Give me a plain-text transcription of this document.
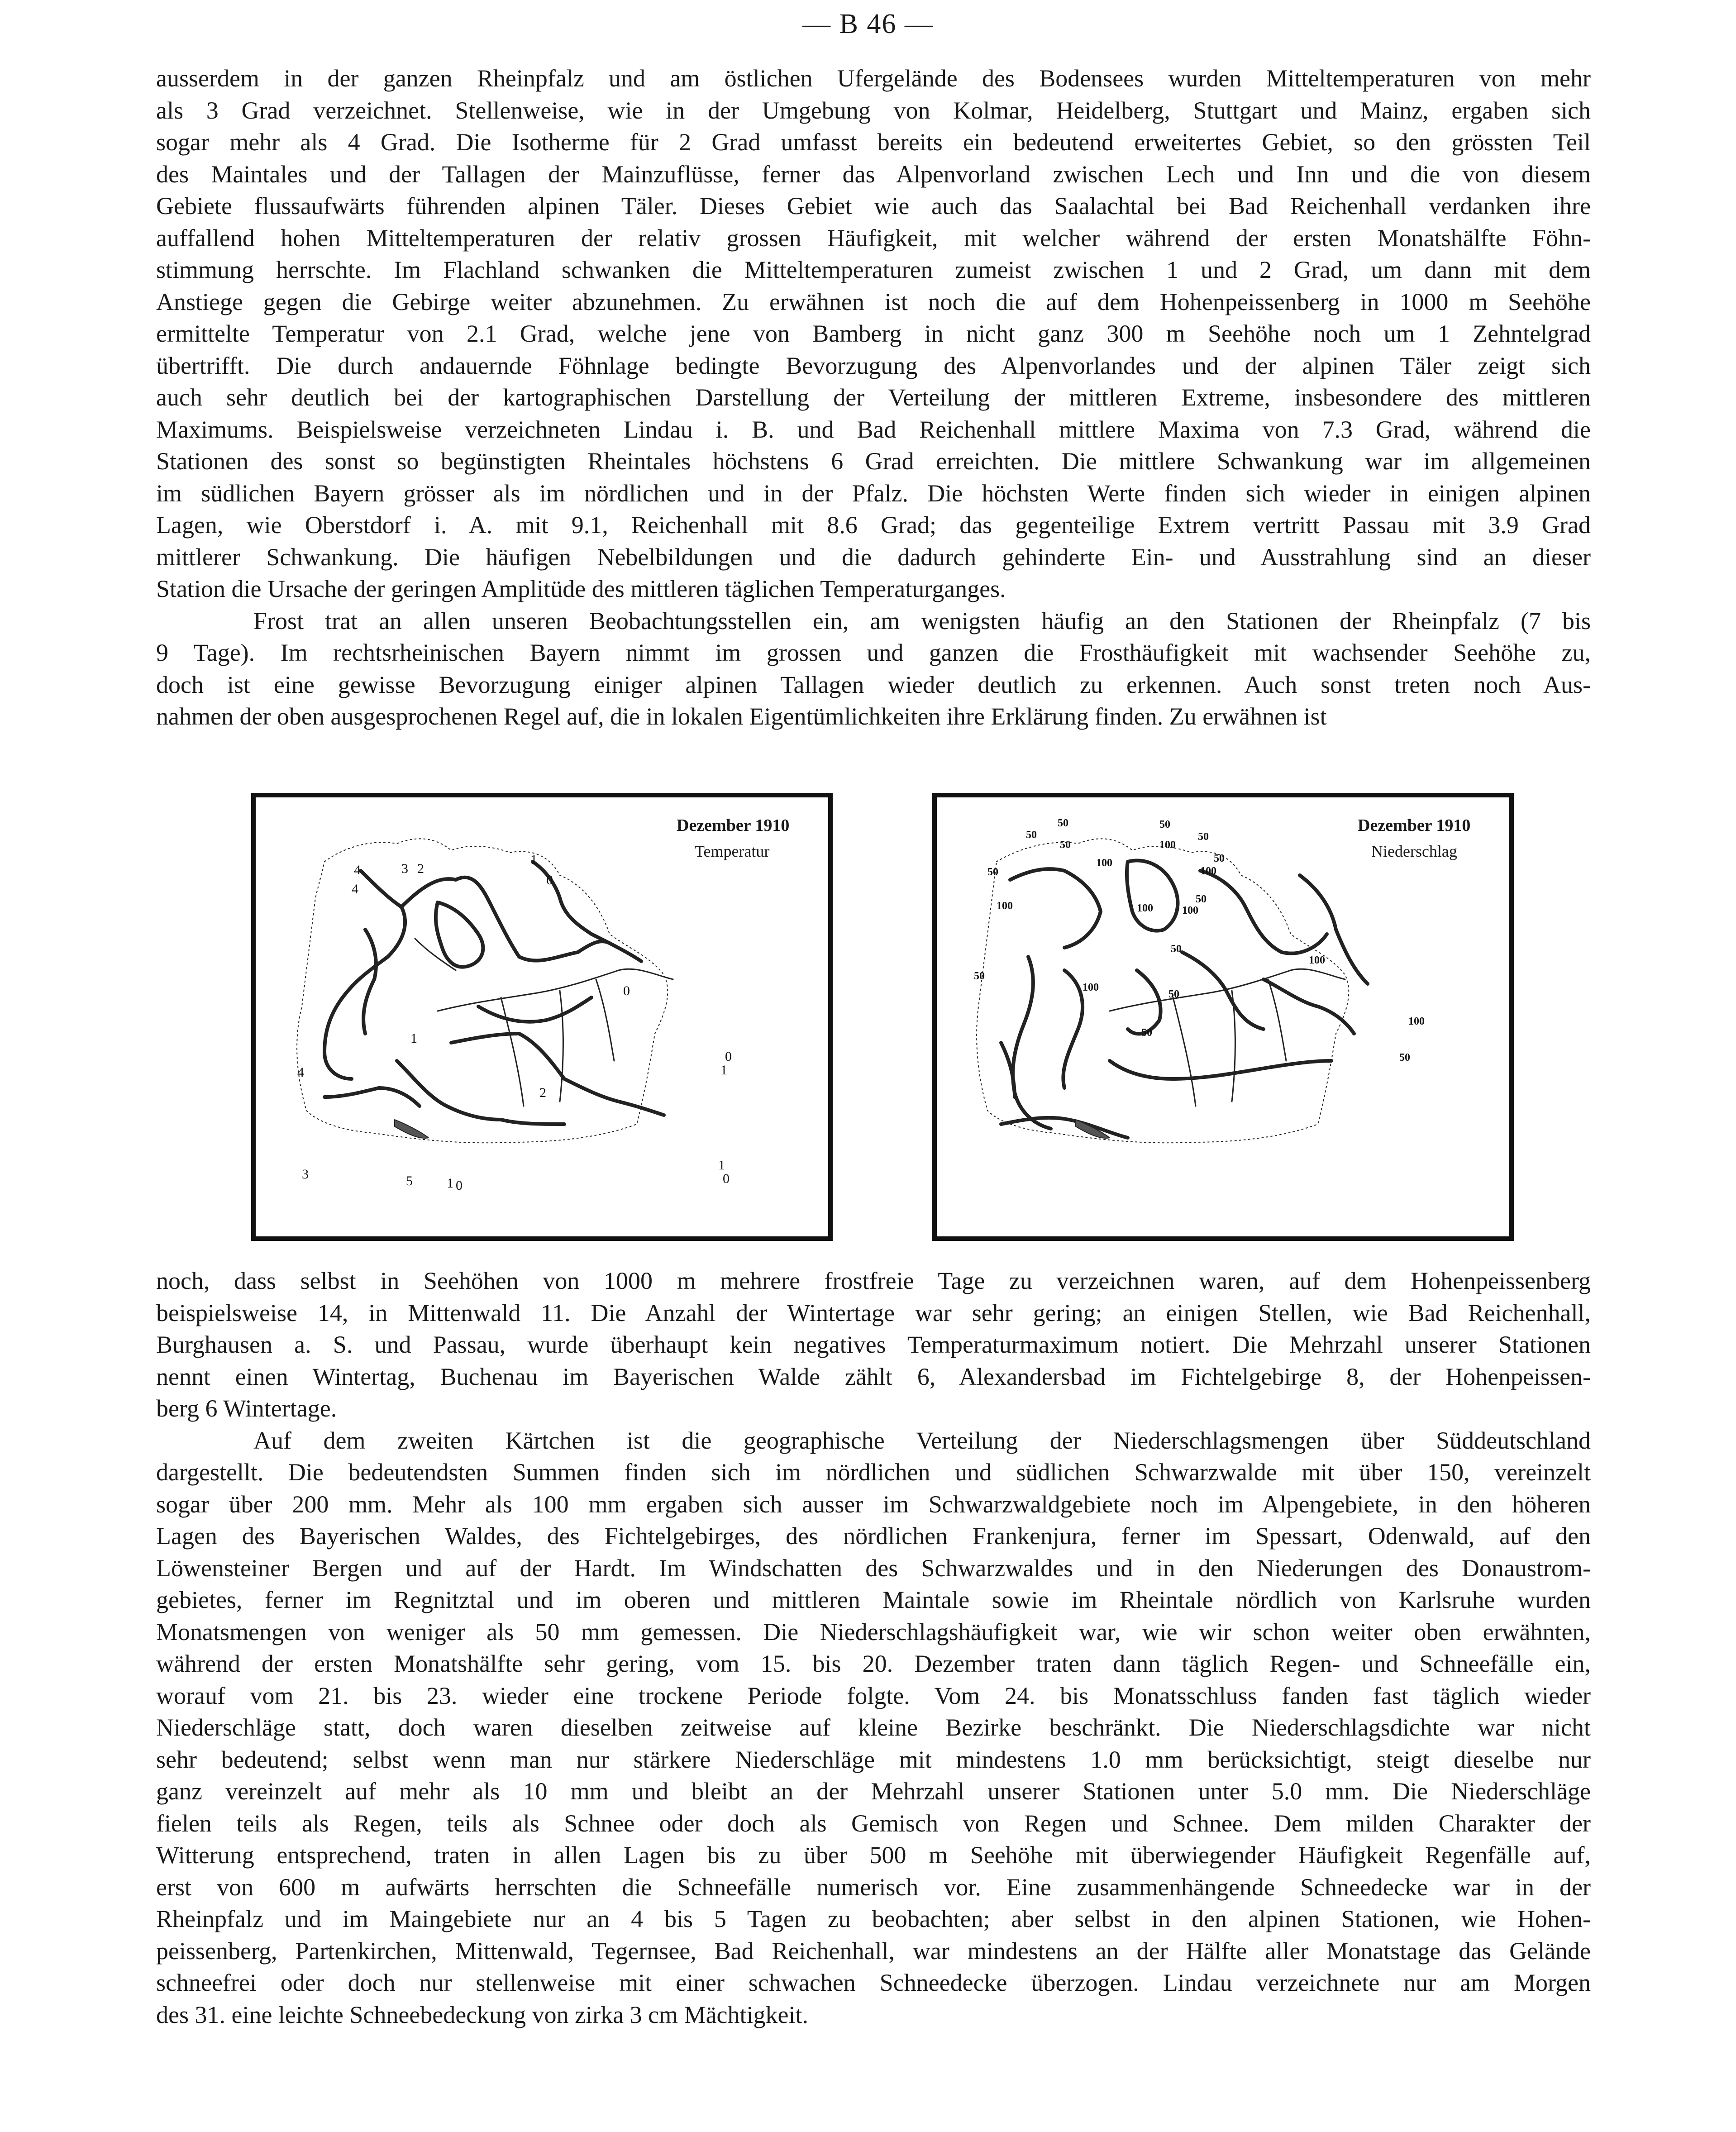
— B 46 —

ausserdem in der ganzen Rheinpfalz und am östlichen Ufergelände des Bodensees wurden Mitteltemperaturen von mehr

als 3 Grad verzeichnet. Stellenweise, wie in der Umgebung von Kolmar, Heidelberg, Stuttgart und Mainz, ergaben sich

sogar mehr als 4 Grad. Die Isotherme für 2 Grad umfasst bereits ein bedeutend erweitertes Gebiet, so den grössten Teil

des Maintales und der Tallagen der Mainzuflüsse, ferner das Alpenvorland zwischen Lech und Inn und die von diesem

Gebiete flussaufwärts führenden alpinen Täler. Dieses Gebiet wie auch das Saalachtal bei Bad Reichenhall verdanken ihre

auffallend hohen Mitteltemperaturen der relativ grossen Häufigkeit, mit welcher während der ersten Monatshälfte Föhn-

stimmung herrschte. Im Flachland schwanken die Mitteltemperaturen zumeist zwischen 1 und 2 Grad, um dann mit dem

Anstiege gegen die Gebirge weiter abzunehmen. Zu erwähnen ist noch die auf dem Hohenpeissenberg in 1000 m Seehöhe

ermittelte Temperatur von 2.1 Grad, welche jene von Bamberg in nicht ganz 300 m Seehöhe noch um 1 Zehntelgrad

übertrifft. Die durch andauernde Föhnlage bedingte Bevorzugung des Alpenvorlandes und der alpinen Täler zeigt sich

auch sehr deutlich bei der kartographischen Darstellung der Verteilung der mittleren Extreme, insbesondere des mittleren

Maximums. Beispielsweise verzeichneten Lindau i. B. und Bad Reichenhall mittlere Maxima von 7.3 Grad, während die

Stationen des sonst so begünstigten Rheintales höchstens 6 Grad erreichten. Die mittlere Schwankung war im allgemeinen

im südlichen Bayern grösser als im nördlichen und in der Pfalz. Die höchsten Werte finden sich wieder in einigen alpinen

Lagen, wie Oberstdorf i. A. mit 9.1, Reichenhall mit 8.6 Grad; das gegenteilige Extrem vertritt Passau mit 3.9 Grad

mittlerer Schwankung. Die häufigen Nebelbildungen und die dadurch gehinderte Ein- und Ausstrahlung sind an dieser

Station die Ursache der geringen Amplitüde des mittleren täglichen Temperaturganges.

Frost trat an allen unseren Beobachtungsstellen ein, am wenigsten häufig an den Stationen der Rheinpfalz (7 bis

9 Tage). Im rechtsrheinischen Bayern nimmt im grossen und ganzen die Frosthäufigkeit mit wachsender Seehöhe zu,

doch ist eine gewisse Bevorzugung einiger alpinen Tallagen wieder deutlich zu erkennen. Auch sonst treten noch Aus-

nahmen der oben ausgesprochenen Regel auf, die in lokalen Eigentümlichkeiten ihre Erklärung finden. Zu erwähnen ist

4	3 2
1
0
4
4
1
2
0
0
1
1
0
3	5	1 0
Dezember 1910
Temperatur
50
50
50
50
50
100
100
50
100
100
50
100
50
100
50
50
50
50
100
50
100
100
Dezember 1910
Niederschlag

noch, dass selbst in Seehöhen von 1000 m mehrere frostfreie Tage zu verzeichnen waren, auf dem Hohenpeissenberg

beispielsweise 14, in Mittenwald 11. Die Anzahl der Wintertage war sehr gering; an einigen Stellen, wie Bad Reichenhall,

Burghausen a. S. und Passau, wurde überhaupt kein negatives Temperaturmaximum notiert. Die Mehrzahl unserer Stationen

nennt einen Wintertag, Buchenau im Bayerischen Walde zählt 6, Alexandersbad im Fichtelgebirge 8, der Hohenpeissen-

berg 6 Wintertage.

Auf dem zweiten Kärtchen ist die geographische Verteilung der Niederschlagsmengen über Süddeutschland

dargestellt. Die bedeutendsten Summen finden sich im nördlichen und südlichen Schwarzwalde mit über 150, vereinzelt

sogar über 200 mm. Mehr als 100 mm ergaben sich ausser im Schwarzwaldgebiete noch im Alpengebiete, in den höheren

Lagen des Bayerischen Waldes, des Fichtelgebirges, des nördlichen Frankenjura, ferner im Spessart, Odenwald, auf den

Löwensteiner Bergen und auf der Hardt. Im Windschatten des Schwarzwaldes und in den Niederungen des Donaustrom-

gebietes, ferner im Regnitztal und im oberen und mittleren Maintale sowie im Rheintale nördlich von Karlsruhe wurden

Monatsmengen von weniger als 50 mm gemessen. Die Niederschlagshäufigkeit war, wie wir schon weiter oben erwähnten,

während der ersten Monatshälfte sehr gering, vom 15. bis 20. Dezember traten dann täglich Regen- und Schneefälle ein,

worauf vom 21. bis 23. wieder eine trockene Periode folgte. Vom 24. bis Monatsschluss fanden fast täglich wieder

Niederschläge statt, doch waren dieselben zeitweise auf kleine Bezirke beschränkt. Die Niederschlagsdichte war nicht

sehr bedeutend; selbst wenn man nur stärkere Niederschläge mit mindestens 1.0 mm berücksichtigt, steigt dieselbe nur

ganz vereinzelt auf mehr als 10 mm und bleibt an der Mehrzahl unserer Stationen unter 5.0 mm. Die Niederschläge

fielen teils als Regen, teils als Schnee oder doch als Gemisch von Regen und Schnee. Dem milden Charakter der

Witterung entsprechend, traten in allen Lagen bis zu über 500 m Seehöhe mit überwiegender Häufigkeit Regenfälle auf,

erst von 600 m aufwärts herrschten die Schneefälle numerisch vor. Eine zusammenhängende Schneedecke war in der

Rheinpfalz und im Maingebiete nur an 4 bis 5 Tagen zu beobachten; aber selbst in den alpinen Stationen, wie Hohen-

peissenberg, Partenkirchen, Mittenwald, Tegernsee, Bad Reichenhall, war mindestens an der Hälfte aller Monatstage das Gelände

schneefrei oder doch nur stellenweise mit einer schwachen Schneedecke überzogen. Lindau verzeichnete nur am Morgen

des 31. eine leichte Schneebedeckung von zirka 3 cm Mächtigkeit.
